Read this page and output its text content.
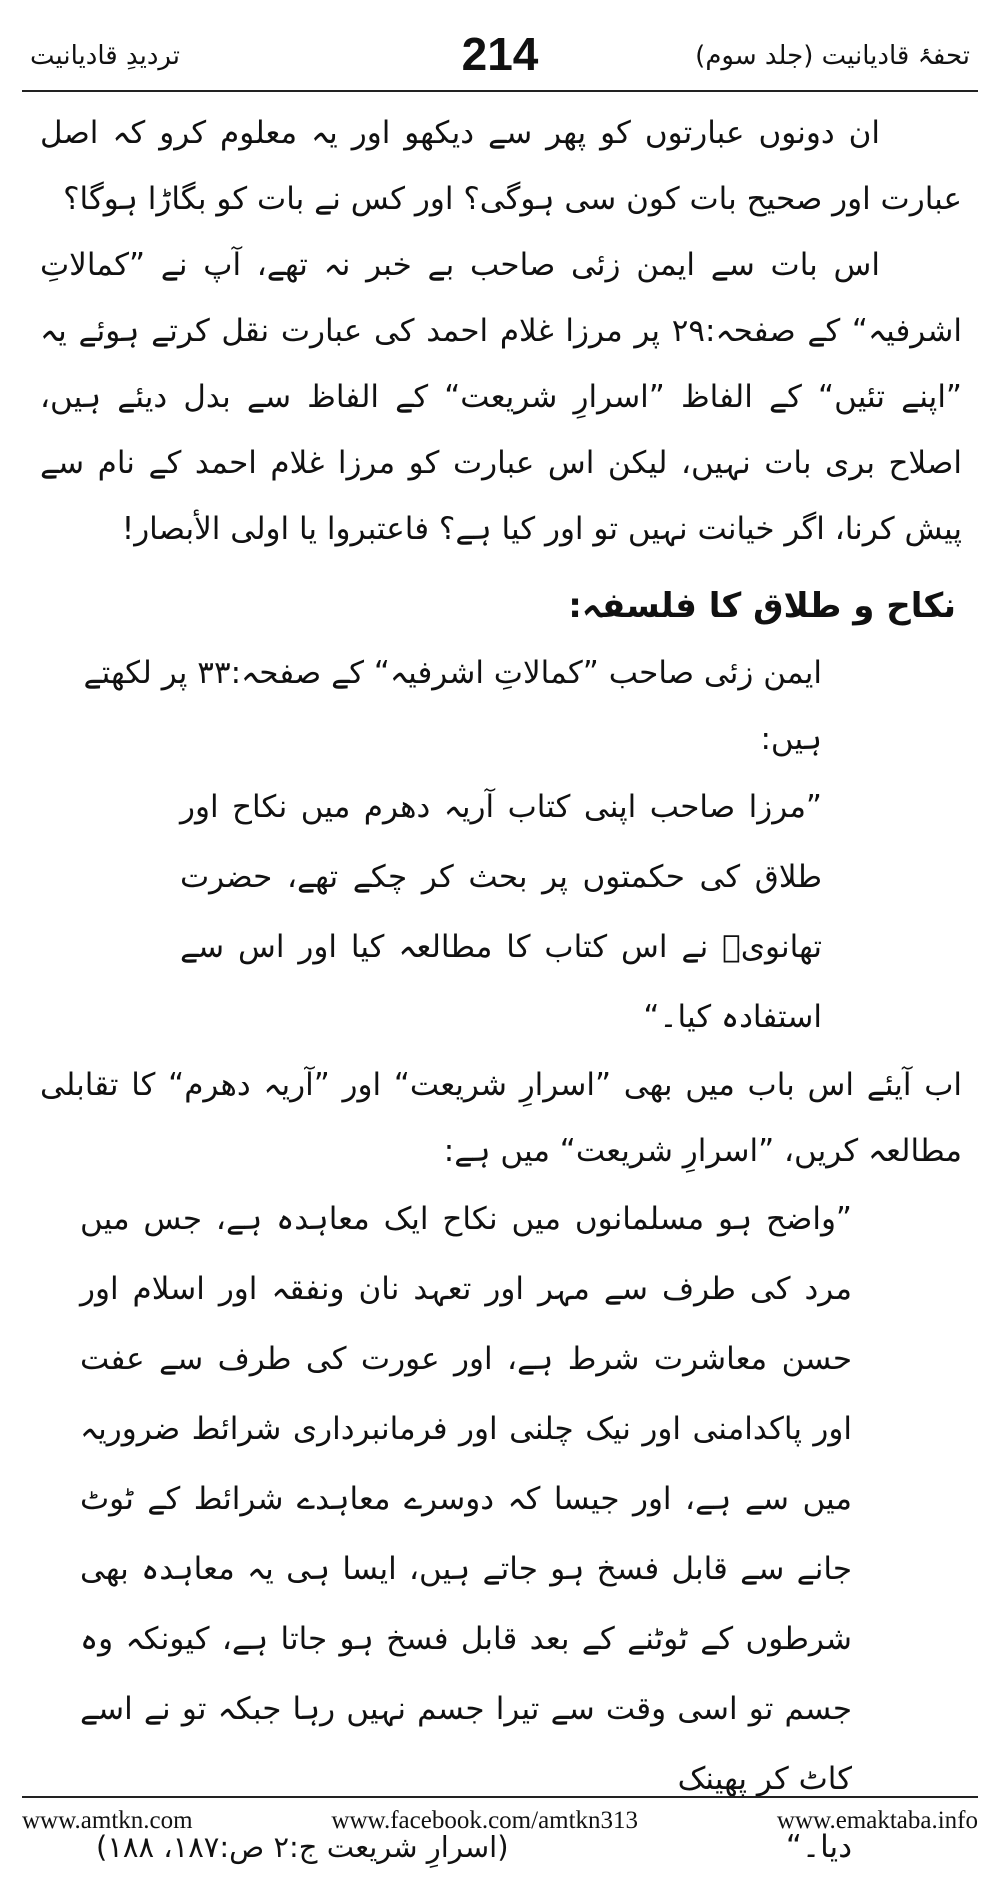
تحفۂ قادیانیت (جلد سوم)
214
تردیدِ قادیانیت

ان دونوں عبارتوں کو پھر سے دیکھو اور یہ معلوم کرو کہ اصل عبارت اور صحیح بات کون سی ہوگی؟ اور کس نے بات کو بگاڑا ہوگا؟

اس بات سے ایمن زئی صاحب بے خبر نہ تھے، آپ نے ”کمالاتِ اشرفیہ“ کے صفحہ:۲۹ پر مرزا غلام احمد کی عبارت نقل کرتے ہوئے یہ ”اپنے تئیں“ کے الفاظ ”اسرارِ شریعت“ کے الفاظ سے بدل دیئے ہیں، اصلاح بری بات نہیں، لیکن اس عبارت کو مرزا غلام احمد کے نام سے پیش کرنا، اگر خیانت نہیں تو اور کیا ہے؟ فاعتبروا یا اولی الأبصار!

نکاح و طلاق کا فلسفہ:

ایمن زئی صاحب ”کمالاتِ اشرفیہ“ کے صفحہ:۳۳ پر لکھتے ہیں:

”مرزا صاحب اپنی کتاب آریہ دھرم میں نکاح اور طلاق کی حکمتوں پر بحث کر چکے تھے، حضرت تھانویؒ نے اس کتاب کا مطالعہ کیا اور اس سے استفادہ کیا۔“

اب آیئے اس باب میں بھی ”اسرارِ شریعت“ اور ”آریہ دھرم“ کا تقابلی مطالعہ کریں، ”اسرارِ شریعت“ میں ہے:

”واضح ہو مسلمانوں میں نکاح ایک معاہدہ ہے، جس میں مرد کی طرف سے مہر اور تعہد نان ونفقہ اور اسلام اور حسن معاشرت شرط ہے، اور عورت کی طرف سے عفت اور پاکدامنی اور نیک چلنی اور فرمانبرداری شرائط ضروریہ میں سے ہے، اور جیسا کہ دوسرے معاہدے شرائط کے ٹوٹ جانے سے قابل فسخ ہو جاتے ہیں، ایسا ہی یہ معاہدہ بھی شرطوں کے ٹوٹنے کے بعد قابل فسخ ہو جاتا ہے، کیونکہ وہ جسم تو اسی وقت سے تیرا جسم نہیں رہا جبکہ تو نے اسے کاٹ کر پھینک

دیا۔“
(اسرارِ شریعت ج:۲ ص:۱۸۷، ۱۸۸)
www.amtkn.com	www.facebook.com/amtkn313	www.emaktaba.info
